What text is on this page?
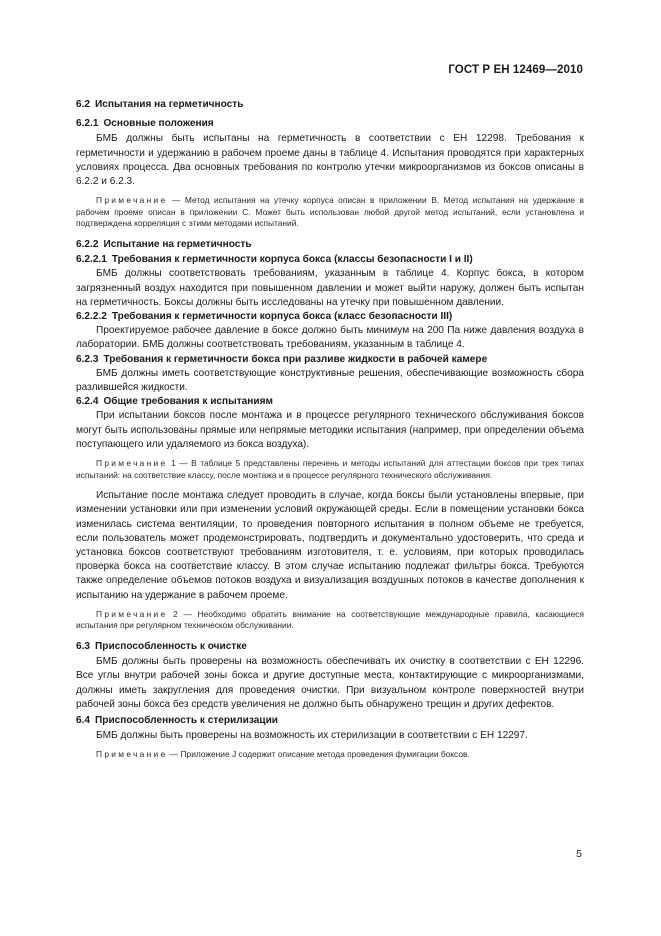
ГОСТ Р ЕН 12469—2010
6.2 Испытания на герметичность
6.2.1 Основные положения

БМБ должны быть испытаны на герметичность в соответствии с ЕН 12298. Требования к герметичности и удержанию в рабочем проеме даны в таблице 4. Испытания проводятся при характерных условиях процесса. Два основных требования по контролю утечки микроорганизмов из боксов описаны в 6.2.2 и 6.2.3.

Примечание — Метод испытания на утечку корпуса описан в приложении В. Метод испытания на удержание в рабочем проеме описан в приложении С. Может быть использован любой другой метод испытаний, если установлена и подтверждена корреляция с этими методами испытаний.

6.2.2 Испытание на герметичность
6.2.2.1 Требования к герметичности корпуса бокса (классы безопасности I и II)

БМБ должны соответствовать требованиям, указанным в таблице 4. Корпус бокса, в котором загрязненный воздух находится при повышенном давлении и может выйти наружу, должен быть испытан на герметичность. Боксы должны быть исследованы на утечку при повышенном давлении.

6.2.2.2 Требования к герметичности корпуса бокса (класс безопасности III)

Проектируемое рабочее давление в боксе должно быть минимум на 200 Па ниже давления воздуха в лаборатории. БМБ должны соответствовать требованиям, указанным в таблице 4.

6.2.3 Требования к герметичности бокса при разливе жидкости в рабочей камере

БМБ должны иметь соответствующие конструктивные решения, обеспечивающие возможность сбора разлившейся жидкости.

6.2.4 Общие требования к испытаниям

При испытании боксов после монтажа и в процессе регулярного технического обслуживания боксов могут быть использованы прямые или непрямые методики испытания (например, при определении объема поступающего или удаляемого из бокса воздуха).

Примечание 1 — В таблице 5 представлены перечень и методы испытаний для аттестации боксов при трех типах испытаний: на соответствие классу, после монтажа и в процессе регулярного технического обслуживания.

Испытание после монтажа следует проводить в случае, когда боксы были установлены впервые, при изменении установки или при изменении условий окружающей среды. Если в помещении установки бокса изменилась система вентиляции, то проведения повторного испытания в полном объеме не требуется, если пользователь может продемонстрировать, подтвердить и документально удостоверить, что среда и установка боксов соответствуют требованиям изготовителя, т. е. условиям, при которых проводилась проверка бокса на соответствие классу. В этом случае испытанию подлежат фильтры бокса. Требуются также определение объемов потоков воздуха и визуализация воздушных потоков в качестве дополнения к испытанию на удержание в рабочем проеме.

Примечание 2 — Необходимо обратить внимание на соответствующие международные правила, касающиеся испытания при регулярном техническом обслуживании.

6.3 Приспособленность к очистке

БМБ должны быть проверены на возможность обеспечивать их очистку в соответствии с ЕН 12296. Все углы внутри рабочей зоны бокса и другие доступные места, контактирующие с микроорганизмами, должны иметь закругления для проведения очистки. При визуальном контроле поверхностей внутри рабочей зоны бокса без средств увеличения не должно быть обнаружено трещин и других дефектов.

6.4 Приспособленность к стерилизации

БМБ должны быть проверены на возможность их стерилизации в соответствии с ЕН 12297.

Примечание — Приложение J содержит описание метода проведения фумигации боксов.

5
